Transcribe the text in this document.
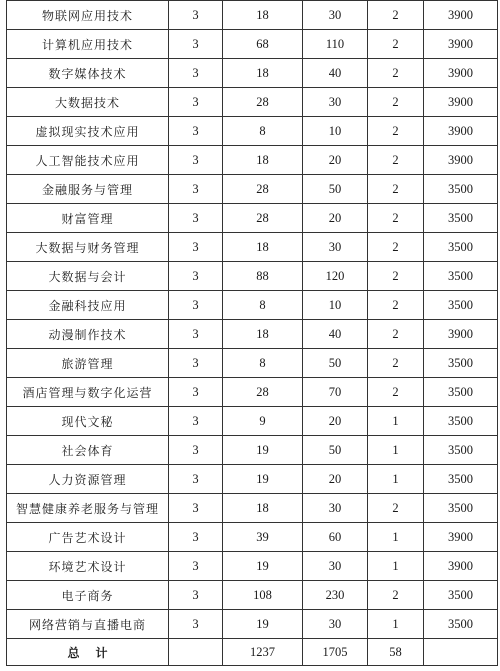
物联网应用技术	3	18	30	2	3900
计算机应用技术	3	68	110	2	3900
数字媒体技术	3	18	40	2	3900
大数据技术	3	28	30	2	3900
虚拟现实技术应用	3	8	10	2	3900
人工智能技术应用	3	18	20	2	3900
金融服务与管理	3	28	50	2	3500
财富管理	3	28	20	2	3500
大数据与财务管理	3	18	30	2	3500
大数据与会计	3	88	120	2	3500
金融科技应用	3	8	10	2	3500
动漫制作技术	3	18	40	2	3900
旅游管理	3	8	50	2	3500
酒店管理与数字化运营	3	28	70	2	3500
现代文秘	3	9	20	1	3500
社会体育	3	19	50	1	3500
人力资源管理	3	19	20	1	3500
智慧健康养老服务与管理	3	18	30	2	3500
广告艺术设计	3	39	60	1	3900
环境艺术设计	3	19	30	1	3900
电子商务	3	108	230	2	3500
网络营销与直播电商	3	19	30	1	3500
总计		1237	1705	58	
